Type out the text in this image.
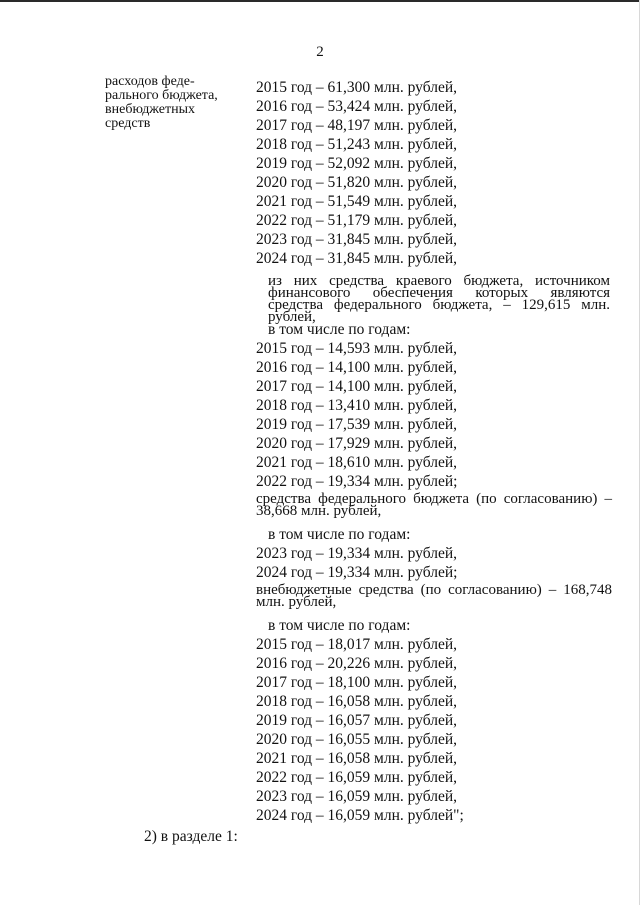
2
расходов феде-
рального бюджета,
внебюджетных
средств
2015 год – 61,300 млн. рублей,
2016 год – 53,424 млн. рублей,
2017 год – 48,197 млн. рублей,
2018 год – 51,243 млн. рублей,
2019 год – 52,092 млн. рублей,
2020 год – 51,820 млн. рублей,
2021 год – 51,549 млн. рублей,
2022 год – 51,179 млн. рублей,
2023 год – 31,845 млн. рублей,
2024 год – 31,845 млн. рублей,
в том числе по годам:
2015 год – 14,593 млн. рублей,
2016 год – 14,100 млн. рублей,
2017 год – 14,100 млн. рублей,
2018 год – 13,410 млн. рублей,
2019 год – 17,539 млн. рублей,
2020 год – 17,929 млн. рублей,
2021 год – 18,610 млн. рублей,
2022 год – 19,334 млн. рублей;
в том числе по годам:
2023 год – 19,334 млн. рублей,
2024 год – 19,334 млн. рублей;
в том числе по годам:
2015 год – 18,017 млн. рублей,
2016 год – 20,226 млн. рублей,
2017 год – 18,100 млн. рублей,
2018 год – 16,058 млн. рублей,
2019 год – 16,057 млн. рублей,
2020 год – 16,055 млн. рублей,
2021 год – 16,058 млн. рублей,
2022 год – 16,059 млн. рублей,
2023 год – 16,059 млн. рублей,
2024 год – 16,059 млн. рублей";
из них средства краевого бюджета, источником финансового обеспечения которых являются средства федерального бюджета, – 129,615 млн. рублей,
средства федерального бюджета (по согласованию) – 38,668 млн. рублей,
внебюджетные средства (по согласованию) – 168,748 млн. рублей,
2) в разделе 1:
